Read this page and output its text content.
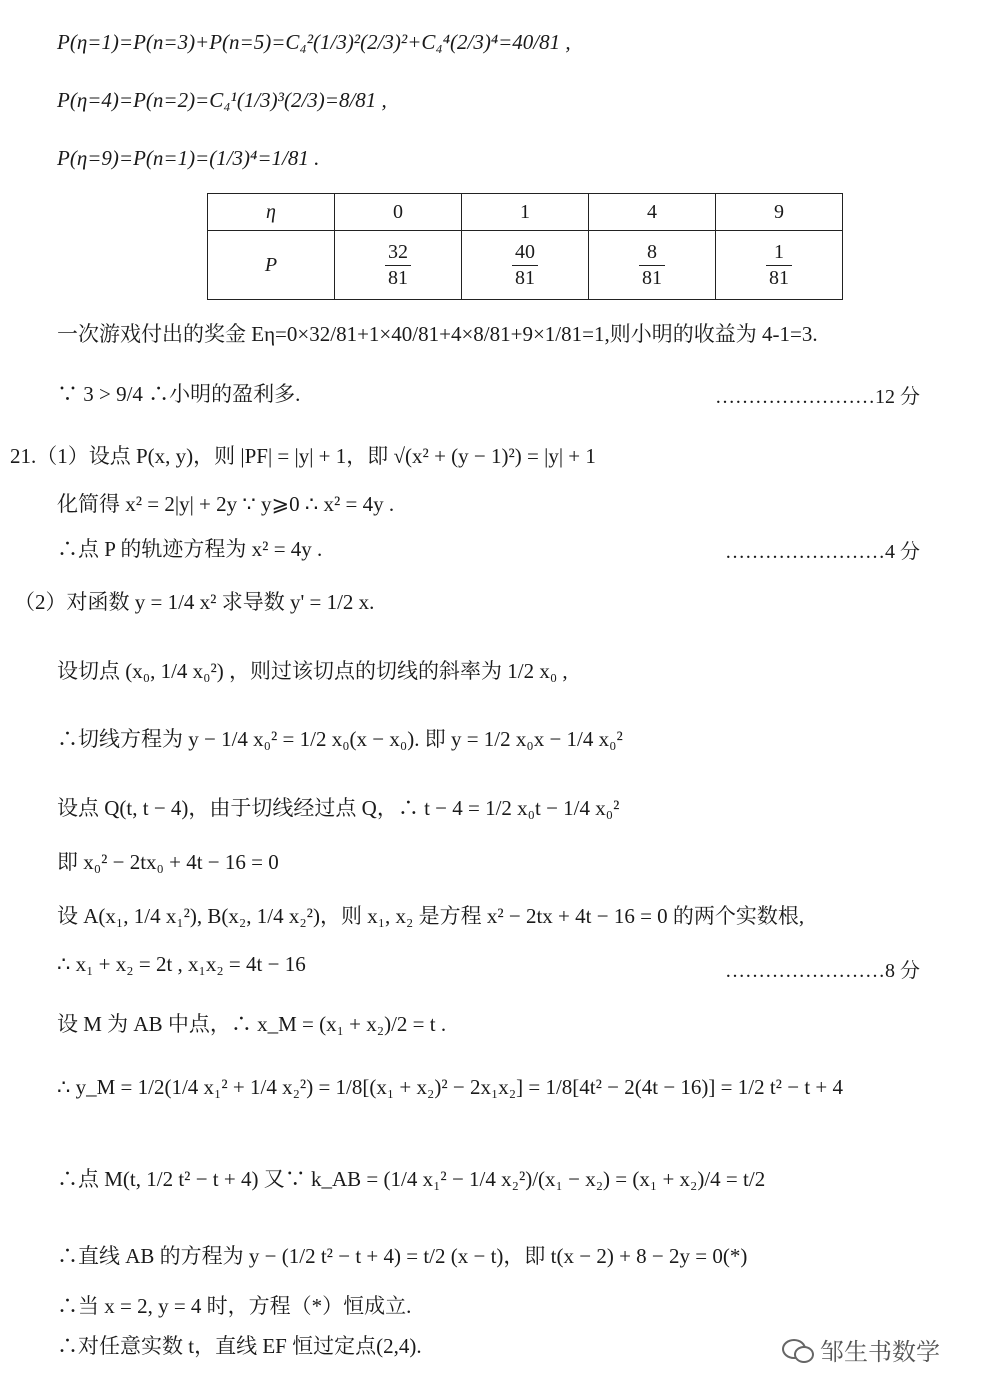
P(η=1)=P(n=3)+P(n=5)=C₄²(1/3)²(2/3)²+C₄⁴(2/3)⁴=40/81 ,
P(η=4)=P(n=2)=C₄¹(1/3)³(2/3)=8/81 ,
P(η=9)=P(n=1)=(1/3)⁴=1/81 .
η	0	1	4	9
P	$\frac{32}{81}$	$\frac{40}{81}$	$\frac{8}{81}$	$\frac{1}{81}$
一次游戏付出的奖金 Eη=0×32/81+1×40/81+4×8/81+9×1/81=1,则小明的收益为 4-1=3.
∵ 3 > 9/4 ∴小明的盈利多.	……………………12 分
21.（1）设点 P(x, y)，则 |PF| = |y| + 1，即 √(x² + (y − 1)²) = |y| + 1
化简得 x² = 2|y| + 2y ∵ y⩾0 ∴ x² = 4y .
∴点 P 的轨迹方程为 x² = 4y .	……………………4 分
（2）对函数 y = 1/4 x² 求导数 y' = 1/2 x.
设切点 (x₀, 1/4 x₀²) ，则过该切点的切线的斜率为 1/2 x₀ ,
∴切线方程为 y − 1/4 x₀² = 1/2 x₀(x − x₀). 即 y = 1/2 x₀x − 1/4 x₀²
设点 Q(t, t − 4)，由于切线经过点 Q，∴ t − 4 = 1/2 x₀t − 1/4 x₀²
即 x₀² − 2tx₀ + 4t − 16 = 0
设 A(x₁, 1/4 x₁²), B(x₂, 1/4 x₂²)，则 x₁, x₂ 是方程 x² − 2tx + 4t − 16 = 0 的两个实数根,
∴ x₁ + x₂ = 2t , x₁x₂ = 4t − 16	……………………8 分
设 M 为 AB 中点，∴ x_M = (x₁ + x₂)/2 = t .
∴ y_M = 1/2(1/4 x₁² + 1/4 x₂²) = 1/8[(x₁ + x₂)² − 2x₁x₂] = 1/8[4t² − 2(4t − 16)] = 1/2 t² − t + 4
∴点 M(t, 1/2 t² − t + 4) 又∵ k_AB = (1/4 x₁² − 1/4 x₂²)/(x₁ − x₂) = (x₁ + x₂)/4 = t/2
∴直线 AB 的方程为 y − (1/2 t² − t + 4) = t/2 (x − t)，即 t(x − 2) + 8 − 2y = 0(*)
∴当 x = 2, y = 4 时，方程（*）恒成立.
∴对任意实数 t，直线 EF 恒过定点(2,4).	邹生书数学
